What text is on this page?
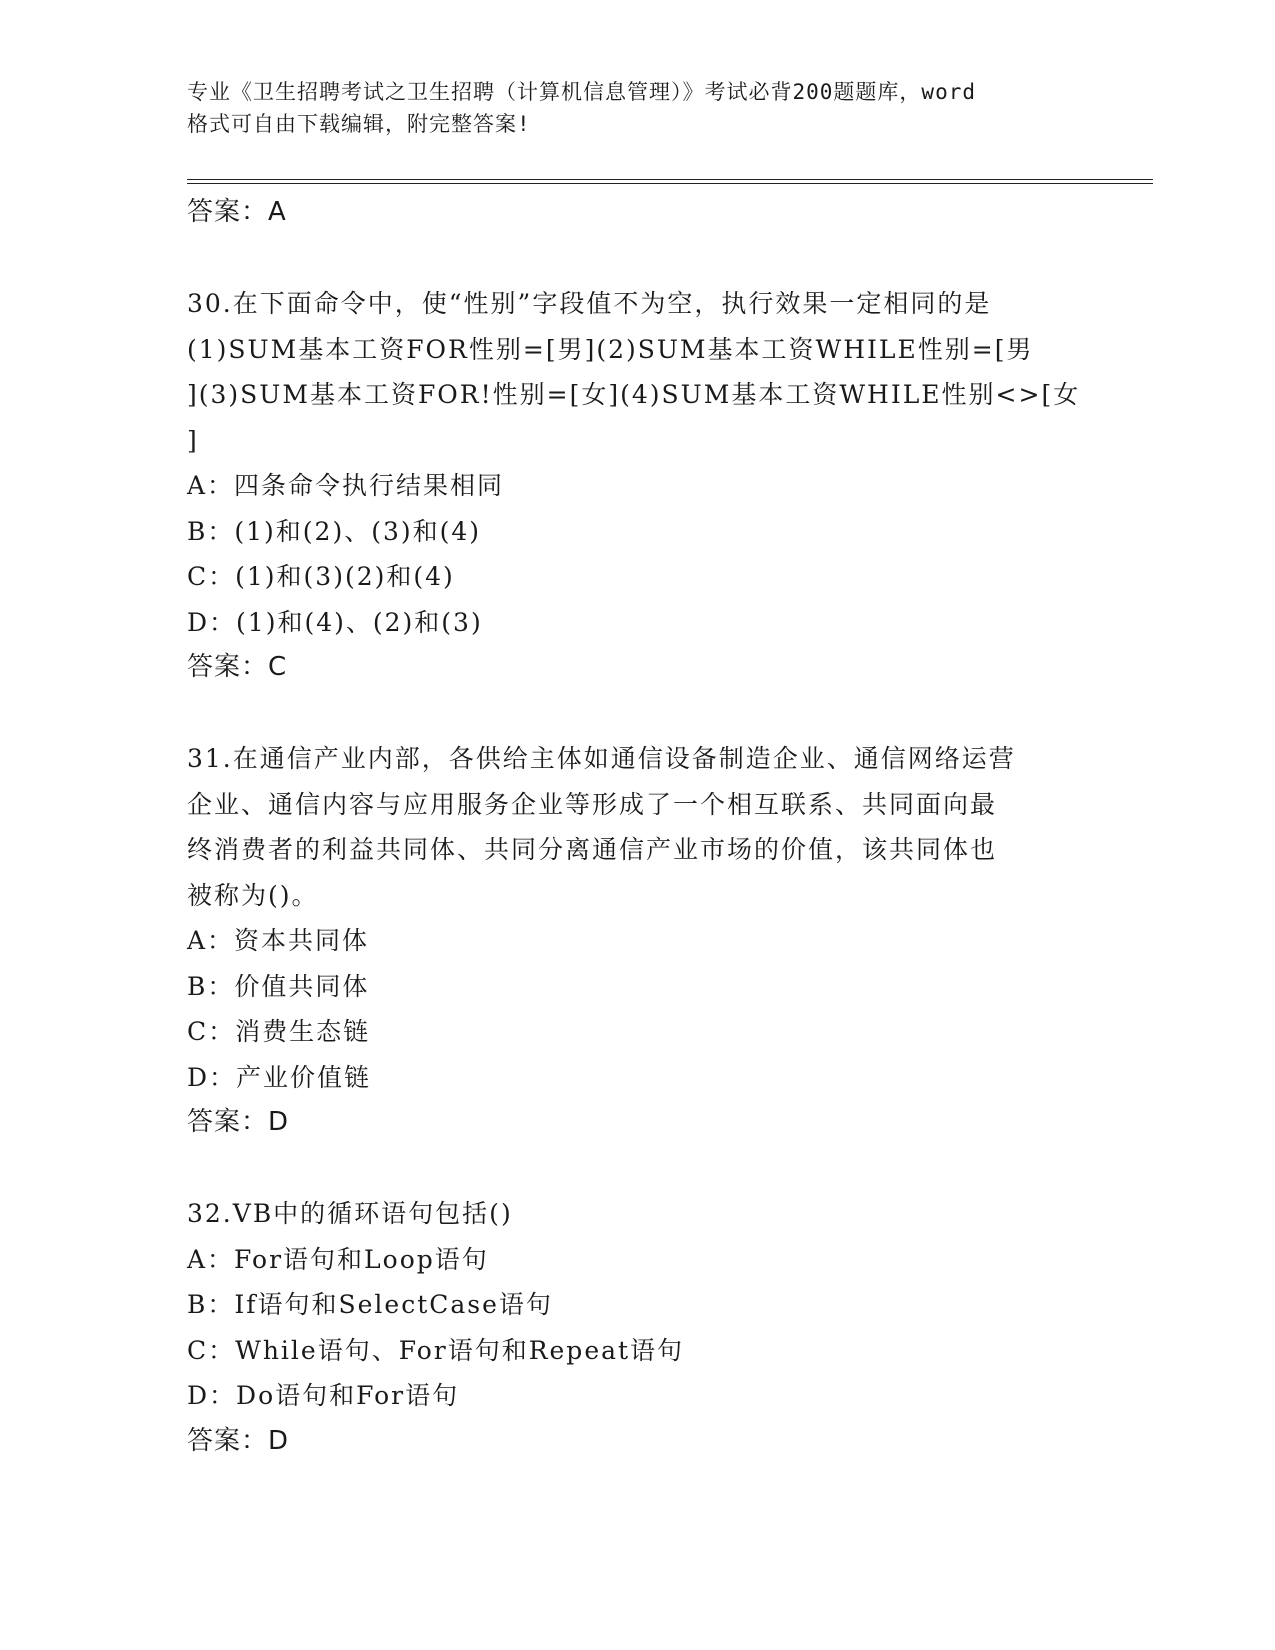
专业《卫生招聘考试之卫生招聘（计算机信息管理）》考试必背200题题库，word
格式可自由下载编辑，附完整答案!
答案：A
30.在下面命令中，使“性别”字段值不为空，执行效果一定相同的是
(1)SUM基本工资FOR性别=[男](2)SUM基本工资WHILE性别=[男
](3)SUM基本工资FOR!性别=[女](4)SUM基本工资WHILE性别<>[女
]
A：四条命令执行结果相同
B：(1)和(2)、(3)和(4)
C：(1)和(3)(2)和(4)
D：(1)和(4)、(2)和(3)
答案：C
31.在通信产业内部，各供给主体如通信设备制造企业、通信网络运营
企业、通信内容与应用服务企业等形成了一个相互联系、共同面向最
终消费者的利益共同体、共同分离通信产业市场的价值，该共同体也
被称为()。
A：资本共同体
B：价值共同体
C：消费生态链
D：产业价值链
答案：D
32.VB中的循环语句包括()
A：For语句和Loop语句
B：If语句和SelectCase语句
C：While语句、For语句和Repeat语句
D：Do语句和For语句
答案：D
